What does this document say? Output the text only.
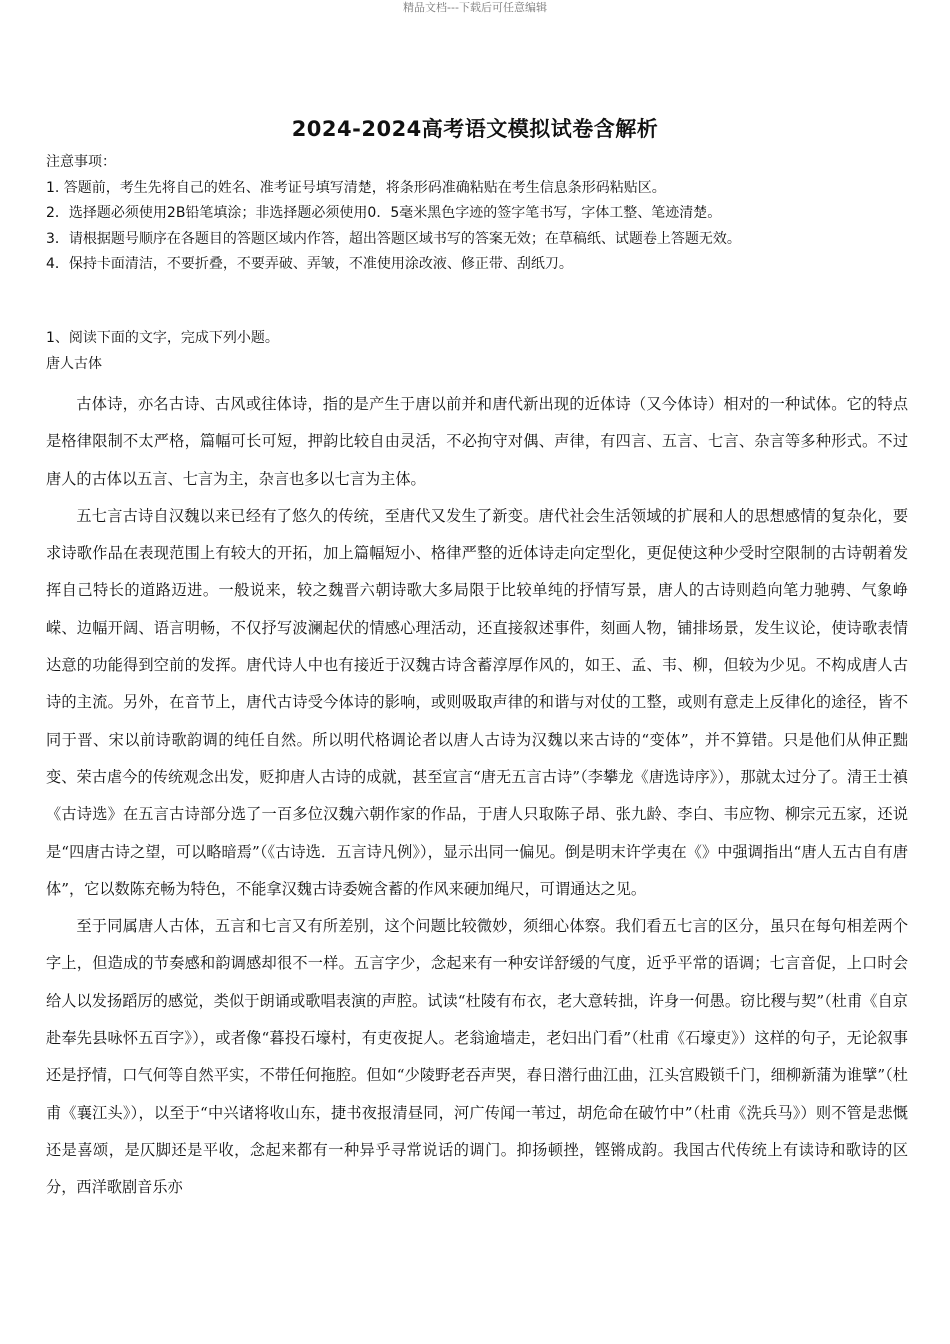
精品文档---下载后可任意编辑
2024-2024高考语文模拟试卷含解析
注意事项：
1. 答题前，考生先将自己的姓名、准考证号填写清楚，将条形码准确粘贴在考生信息条形码粘贴区。
2．选择题必须使用2B铅笔填涂；非选择题必须使用0．5毫米黑色字迹的签字笔书写，字体工整、笔迹清楚。
3．请根据题号顺序在各题目的答题区域内作答，超出答题区域书写的答案无效；在草稿纸、试题卷上答题无效。
4．保持卡面清洁，不要折叠，不要弄破、弄皱，不准使用涂改液、修正带、刮纸刀。
1、阅读下面的文字，完成下列小题。
唐人古体

古体诗，亦名古诗、古风或往体诗，指的是产生于唐以前并和唐代新出现的近体诗（又今体诗）相对的一种试体。它的特点是格律限制不太严格，篇幅可长可短，押韵比较自由灵活，不必拘守对偶、声律，有四言、五言、七言、杂言等多种形式。不过唐人的古体以五言、七言为主，杂言也多以七言为主体。

五七言古诗自汉魏以来已经有了悠久的传统，至唐代又发生了新变。唐代社会生活领域的扩展和人的思想感情的复杂化，要求诗歌作品在表现范围上有较大的开拓，加上篇幅短小、格律严整的近体诗走向定型化，更促使这种少受时空限制的古诗朝着发挥自己特长的道路迈进。一般说来，较之魏晋六朝诗歌大多局限于比较单纯的抒情写景，唐人的古诗则趋向笔力驰骋、气象峥嵘、边幅开阔、语言明畅，不仅抒写波澜起伏的情感心理活动，还直接叙述事件，刻画人物，铺排场景，发生议论，使诗歌表情达意的功能得到空前的发挥。唐代诗人中也有接近于汉魏古诗含蓄淳厚作风的，如王、孟、韦、柳，但较为少见。不构成唐人古诗的主流。另外，在音节上，唐代古诗受今体诗的影响，或则吸取声律的和谐与对仗的工整，或则有意走上反律化的途径，皆不同于晋、宋以前诗歌韵调的纯任自然。所以明代格调论者以唐人古诗为汉魏以来古诗的“变体”，并不算错。只是他们从伸正黜变、荣古虐今的传统观念出发，贬抑唐人古诗的成就，甚至宣言“唐无五言古诗”（李攀龙《唐选诗序》），那就太过分了。清王士禛《古诗选》在五言古诗部分选了一百多位汉魏六朝作家的作品，于唐人只取陈子昂、张九龄、李白、韦应物、柳宗元五家，还说是“四唐古诗之望，可以略暗焉”（《古诗选．五言诗凡例》），显示出同一偏见。倒是明末许学夷在《》中强调指出“唐人五古自有唐体”，它以数陈充畅为特色，不能拿汉魏古诗委婉含蓄的作风来硬加绳尺，可谓通达之见。

至于同属唐人古体，五言和七言又有所差别，这个问题比较微妙，须细心体察。我们看五七言的区分，虽只在每句相差两个字上，但造成的节奏感和韵调感却很不一样。五言字少，念起来有一种安详舒缓的气度，近乎平常的语调；七言音促，上口时会给人以发扬蹈厉的感觉，类似于朗诵或歌唱表演的声腔。试读“杜陵有布衣，老大意转拙，许身一何愚。窃比稷与契”（杜甫《自京赴奉先县咏怀五百字》），或者像“暮投石壕村，有吏夜捉人。老翁逾墙走，老妇出门看”（杜甫《石壕吏》）这样的句子，无论叙事还是抒情，口气何等自然平实，不带任何拖腔。但如“少陵野老吞声哭，春日潜行曲江曲，江头宫殿锁千门，细柳新蒲为谁擘”（杜甫《襄江头》），以至于“中兴诸将收山东，捷书夜报清昼同，河广传闻一苇过，胡危命在破竹中”（杜甫《洗兵马》）则不管是悲慨还是喜颂，是仄脚还是平收，念起来都有一种异乎寻常说话的调门。抑扬顿挫，铿锵成韵。我国古代传统上有读诗和歌诗的区分，西洋歌剧音乐亦
